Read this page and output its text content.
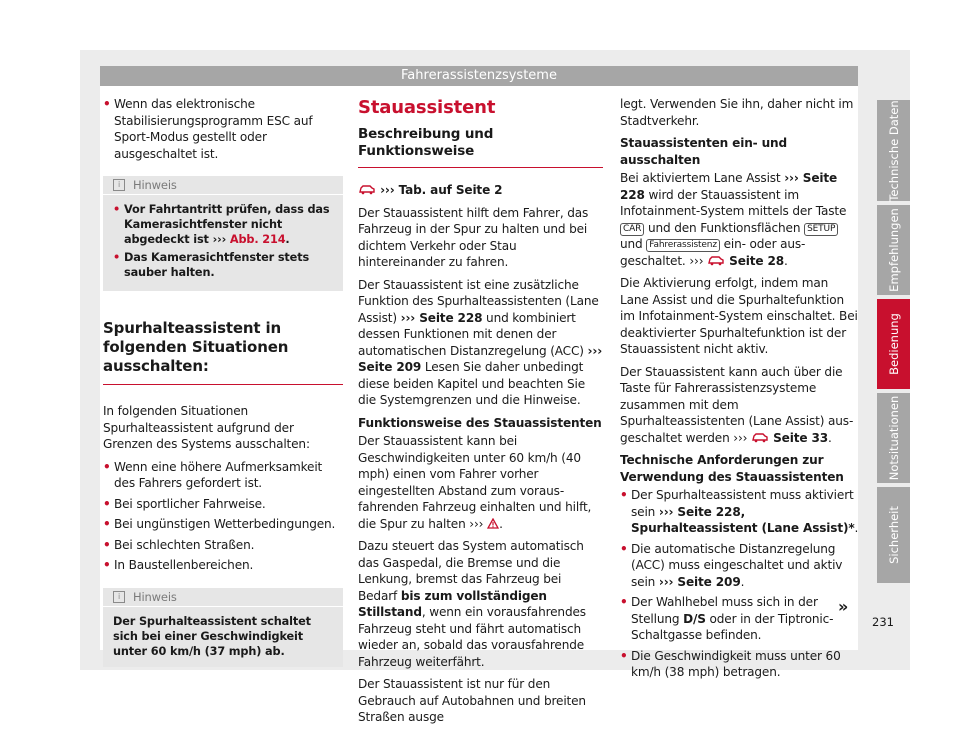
Fahrerassistenzsysteme
• Wenn das elektronische Stabilisierungsprogramm ESC auf Sport-Modus gestellt oder ausgeschaltet ist.
i	Hinweis
• Vor Fahrtantritt prüfen, dass das Kamerasichtfenster nicht abgedeckt ist ››› Abb. 214.
• Das Kamerasichtfenster stets sauber halten.
Spurhalteassistent in folgenden Situationen ausschalten:

In folgenden Situationen Spurhalteassistent aufgrund der Grenzen des Systems ausschalten:

• Wenn eine höhere Aufmerksamkeit des Fahrers gefordert ist.
• Bei sportlicher Fahrweise.
• Bei ungünstigen Wetterbedingungen.
• Bei schlechten Straßen.
• In Baustellenbereichen.
i	Hinweis
Der Spurhalteassistent schaltet sich bei einer Geschwindigkeit unter 60 km/h (37 mph) ab.
Stauassistent
Beschreibung und Funktionsweise

››› Tab. auf Seite 2

Der Stauassistent hilft dem Fahrer, das Fahrzeug in der Spur zu halten und bei dichtem Verkehr oder Stau hintereinander zu fahren.

Der Stauassistent ist eine zusätzliche Funktion des Spurhalteassistenten (Lane Assist) ››› Seite 228 und kombiniert dessen Funktionen mit denen der automatischen Distanzregelung (ACC) ››› Seite 209 Lesen Sie daher unbedingt diese beiden Kapitel und beachten Sie die Systemgrenzen und die Hinweise.

Funktionsweise des Stauassistenten

Der Stauassistent kann bei Geschwindigkeiten unter 60 km/h (40 mph) einen vom Fahrer vorher eingestellten Abstand zum vorausfahrenden Fahrzeug einhalten und hilft, die Spur zu halten ››› .

Dazu steuert das System automatisch das Gaspedal, die Bremse und die Lenkung, bremst das Fahrzeug bei Bedarf bis zum vollständigen Stillstand, wenn ein vorausfahrendes Fahrzeug steht und fährt automatisch wieder an, sobald das vorausfahrende Fahrzeug weiterfährt.

Der Stauassistent ist nur für den Gebrauch auf Autobahnen und breiten Straßen ausge

legt. Verwenden Sie ihn, daher nicht im Stadtverkehr.

Stauassistenten ein- und ausschalten

Bei aktiviertem Lane Assist ››› Seite 228 wird der Stauassistent im Infotainment-System mittels der Taste CAR und den Funktionsflächen SETUP und Fahrerassistenz ein- oder ausgeschaltet. ›››  Seite 28.

Die Aktivierung erfolgt, indem man Lane Assist und die Spurhaltefunktion im Infotainment-System einschaltet. Bei deaktivierter Spurhaltefunktion ist der Stauassistent nicht aktiv.

Der Stauassistent kann auch über die Taste für Fahrerassistenzsysteme zusammen mit dem Spurhalteassistenten (Lane Assist) ausgeschaltet werden ›››  Seite 33.

Technische Anforderungen zur Verwendung des Stauassistenten

• Der Spurhalteassistent muss aktiviert sein ››› Seite 228, Spurhalteassistent (Lane Assist)*.
• Die automatische Distanzregelung (ACC) muss eingeschaltet und aktiv sein ››› Seite 209.
• Der Wahlhebel muss sich in der Stellung D/S oder in der Tiptronic-Schaltgasse befinden.
• Die Geschwindigkeit muss unter 60 km/h (38 mph) betragen.
»
Technische Daten
Empfehlungen
Bedienung
Notsituationen
Sicherheit
231
